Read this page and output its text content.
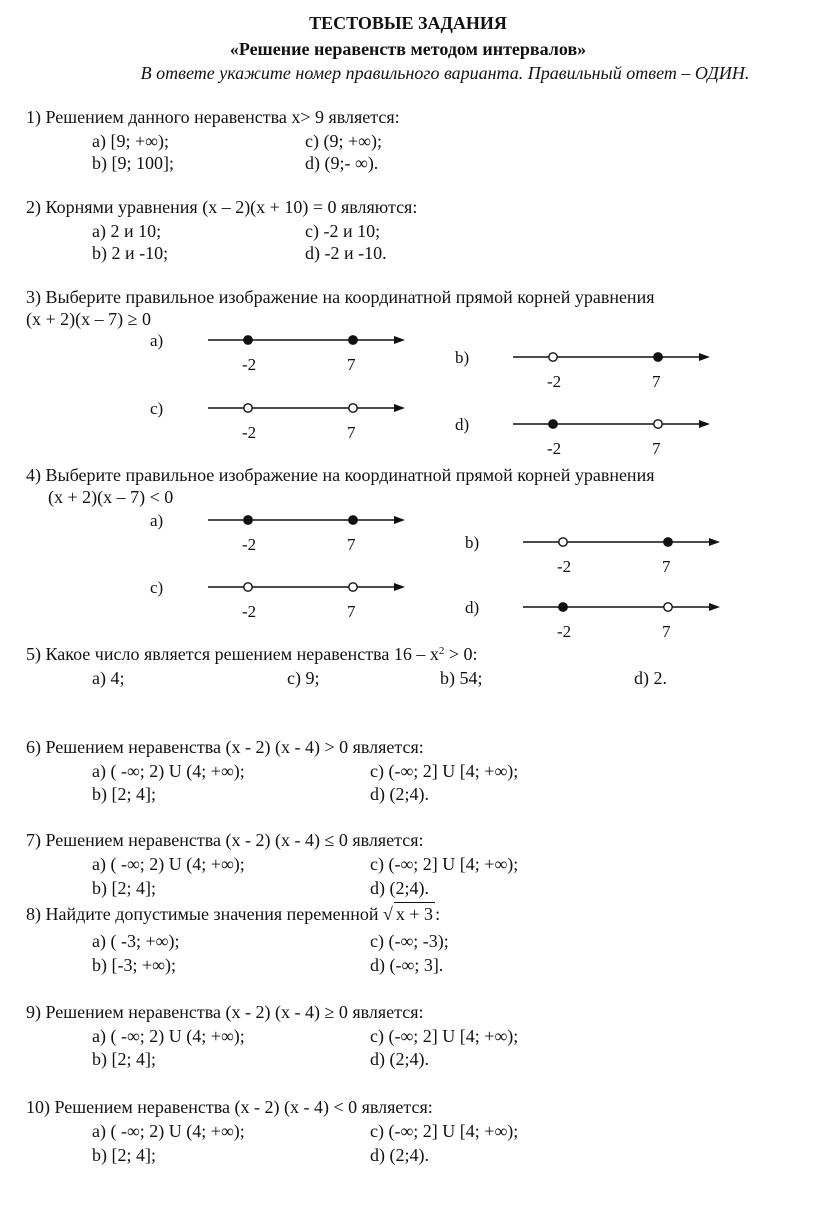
ТЕСТОВЫЕ ЗАДАНИЯ
«Решение неравенств методом интервалов»
В ответе укажите номер правильного варианта. Правильный ответ – ОДИН.
1) Решением данного неравенства x> 9 является:
a) [9; +∞);	c) (9; +∞);
b) [9; 100];	d) (9;- ∞).
2) Корнями уравнения (x – 2)(x + 10) = 0 являются:
a) 2 и 10;	c) -2 и 10;
b) 2 и -10;	d) -2 и -10.
3) Выберите правильное изображение на координатной прямой корней уравнения
(x + 2)(x – 7) ≥ 0
a)
-2	7	b)
-2	7
c)
-2	7	d)
-2	7
4) Выберите правильное изображение на координатной прямой корней уравнения
(x + 2)(x – 7) < 0
a)
-2	7	b)
-2	7
c)
-2	7	d)
-2	7
5) Какое число является решением неравенства $16 - x^2 > 0$:
a) 4;	c) 9;	b) 54;	d) 2.
6) Решением неравенства (x - 2) (x - 4) > 0 является:
a) ( -∞; 2) U (4; +∞);	c) (-∞; 2] U [4; +∞);
b) [2; 4];	d) (2;4).
7) Решением неравенства (x - 2) (x - 4) ≤ 0 является:
a) ( -∞; 2) U (4; +∞);	c) (-∞; 2] U [4; +∞);
b) [2; 4];	d) (2;4).
8) Найдите допустимые значения переменной √ x + 3 :
a) ( -3; +∞);	c) (-∞; -3);
b) [-3; +∞);	d) (-∞; 3].
9) Решением неравенства (x - 2) (x - 4) ≥ 0 является:
a) ( -∞; 2) U (4; +∞);	c) (-∞; 2] U [4; +∞);
b) [2; 4];	d) (2;4).
10) Решением неравенства (x - 2) (x - 4) < 0 является:
a) ( -∞; 2) U (4; +∞);	c) (-∞; 2] U [4; +∞);
b) [2; 4];	d) (2;4).
